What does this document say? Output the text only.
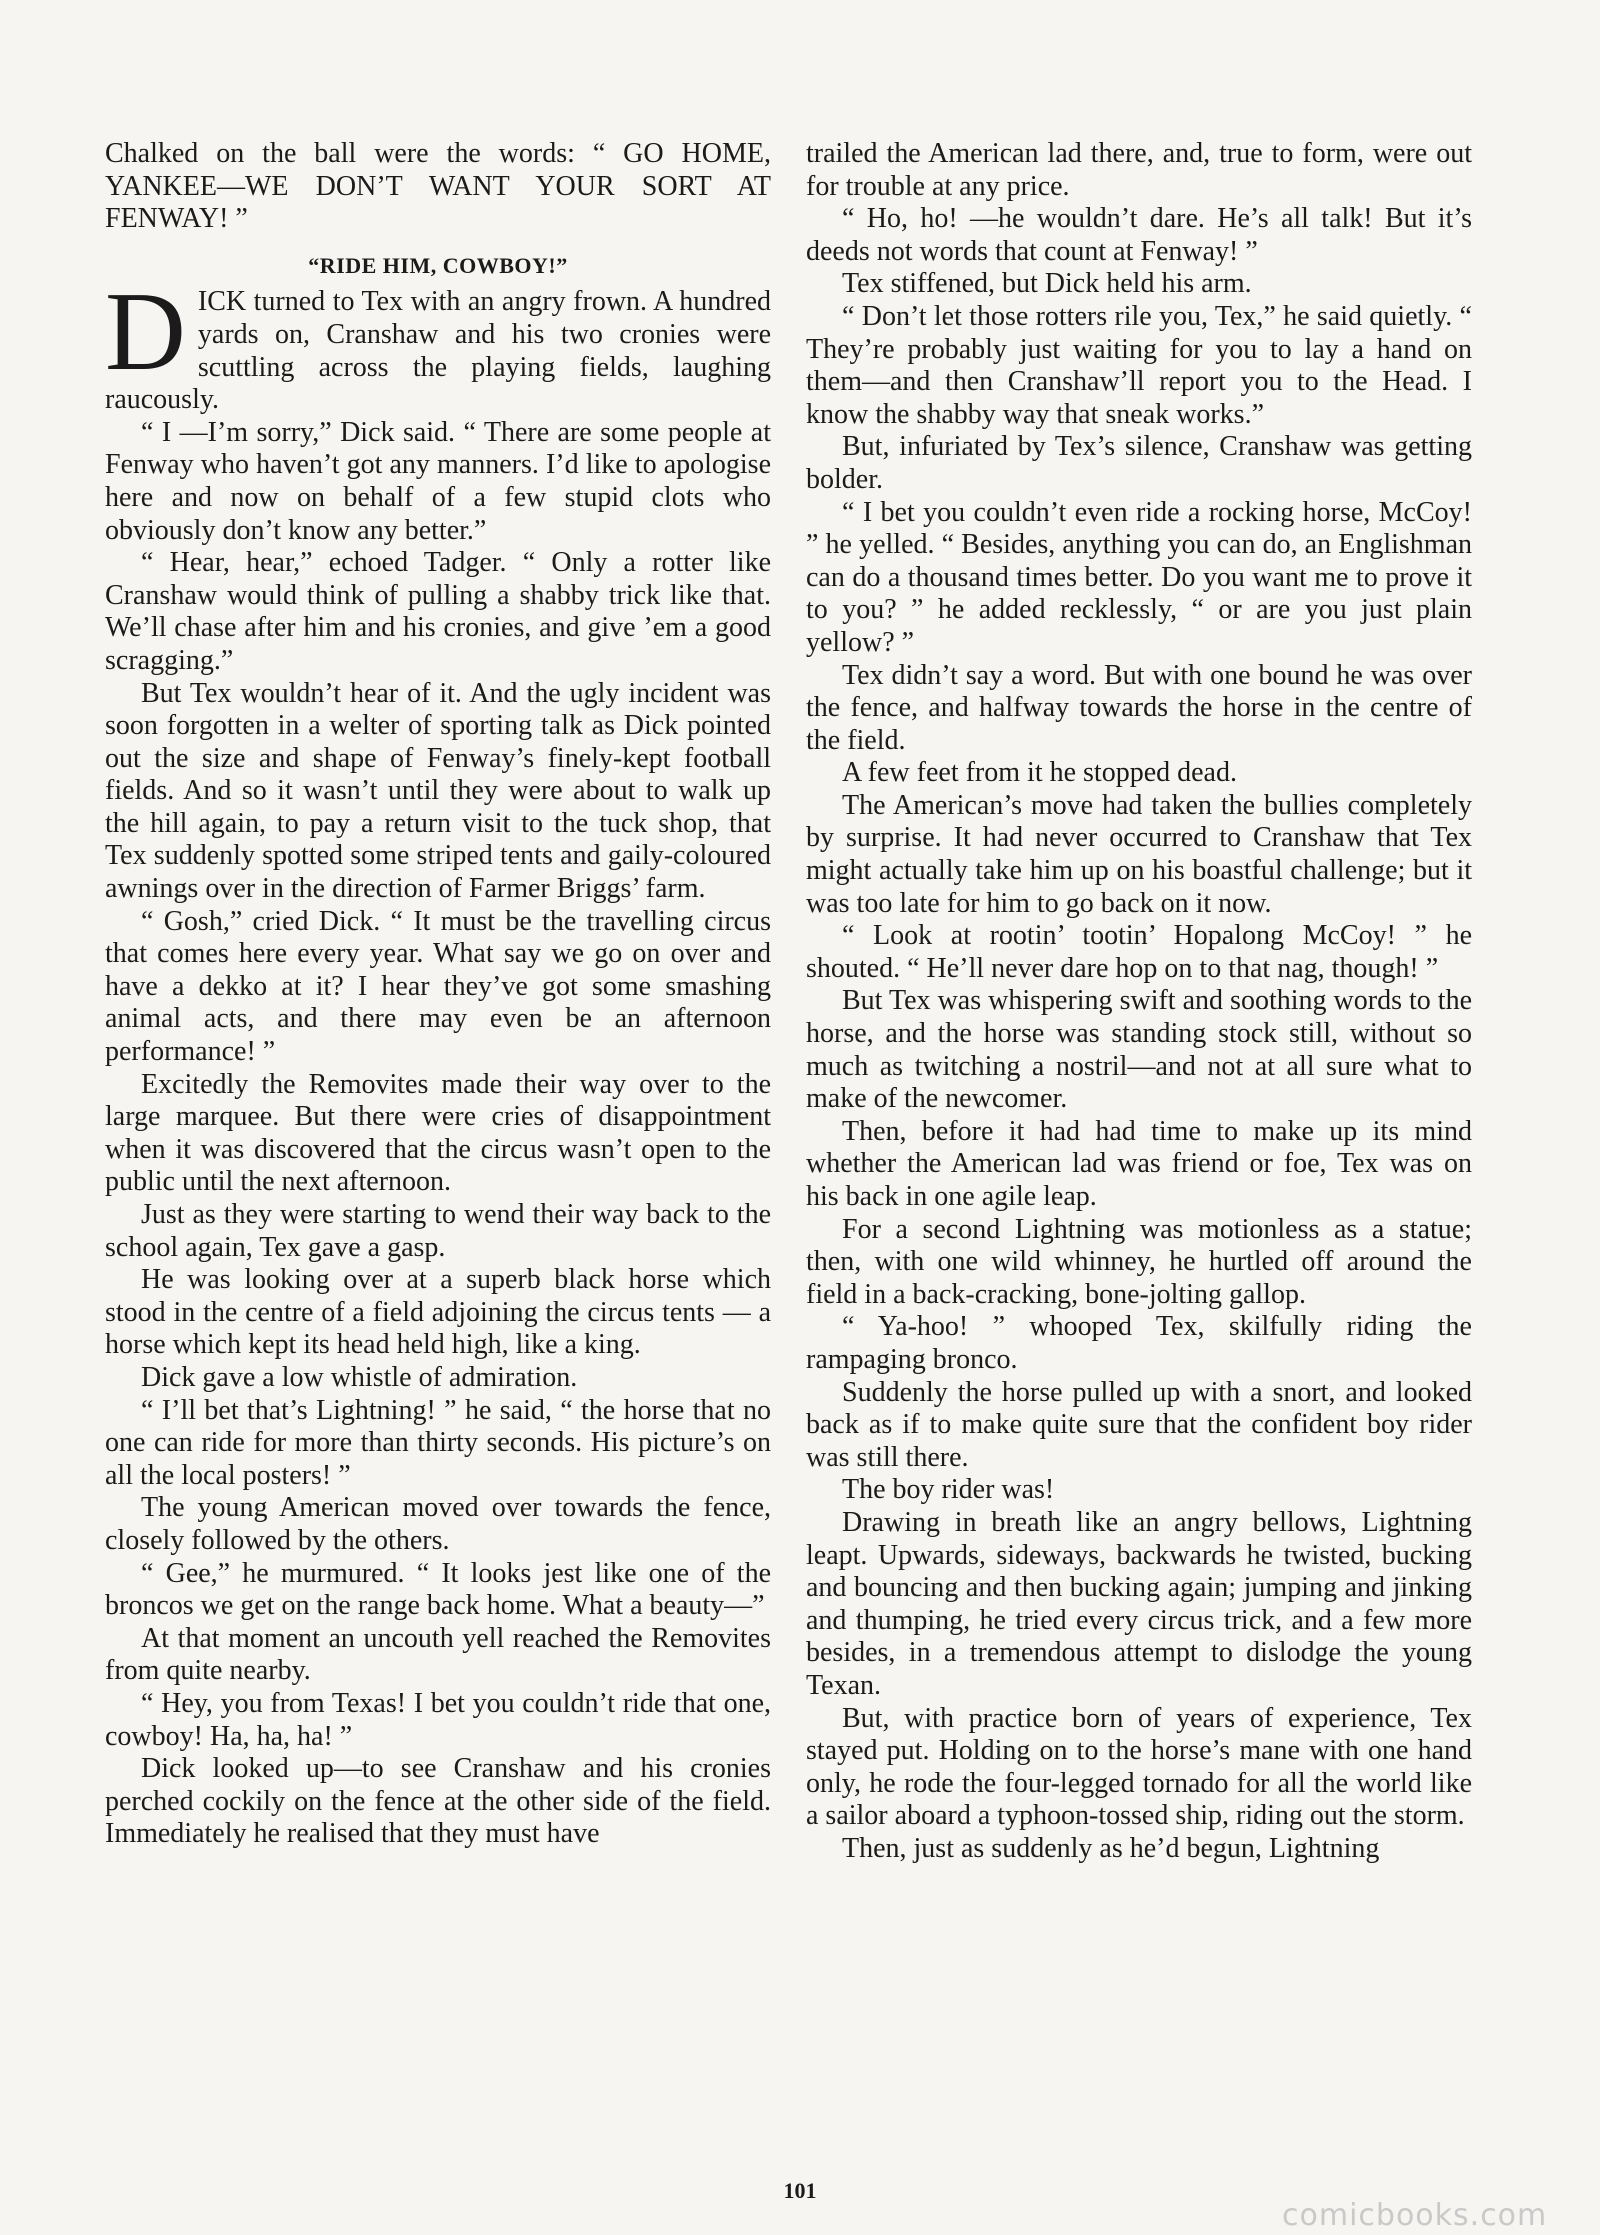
Chalked on the ball were the words: “ GO HOME, YANKEE—WE DON’T WANT YOUR SORT AT FENWAY! ”

“RIDE HIM, COWBOY!”

DICK turned to Tex with an angry frown. A hundred yards on, Cranshaw and his two cronies were scuttling across the playing fields, laughing raucously.

“ I —I’m sorry,” Dick said. “ There are some people at Fenway who haven’t got any manners. I’d like to apologise here and now on behalf of a few stupid clots who obviously don’t know any better.”

“ Hear, hear,” echoed Tadger. “ Only a rotter like Cranshaw would think of pulling a shabby trick like that. We’ll chase after him and his cronies, and give ’em a good scragging.”

But Tex wouldn’t hear of it. And the ugly incident was soon forgotten in a welter of sporting talk as Dick pointed out the size and shape of Fenway’s finely-kept football fields. And so it wasn’t until they were about to walk up the hill again, to pay a return visit to the tuck shop, that Tex suddenly spotted some striped tents and gaily-coloured awnings over in the direction of Farmer Briggs’ farm.

“ Gosh,” cried Dick. “ It must be the travelling circus that comes here every year. What say we go on over and have a dekko at it? I hear they’ve got some smashing animal acts, and there may even be an afternoon performance! ”

Excitedly the Removites made their way over to the large marquee. But there were cries of disappointment when it was discovered that the circus wasn’t open to the public until the next afternoon.

Just as they were starting to wend their way back to the school again, Tex gave a gasp.

He was looking over at a superb black horse which stood in the centre of a field adjoining the circus tents — a horse which kept its head held high, like a king.

Dick gave a low whistle of admiration.

“ I’ll bet that’s Lightning! ” he said, “ the horse that no one can ride for more than thirty seconds. His picture’s on all the local posters! ”

The young American moved over towards the fence, closely followed by the others.

“ Gee,” he murmured. “ It looks jest like one of the broncos we get on the range back home. What a beauty—”

At that moment an uncouth yell reached the Removites from quite nearby.

“ Hey, you from Texas! I bet you couldn’t ride that one, cowboy! Ha, ha, ha! ”

Dick looked up—to see Cranshaw and his cronies perched cockily on the fence at the other side of the field. Immediately he realised that they must have

trailed the American lad there, and, true to form, were out for trouble at any price.

“ Ho, ho! —he wouldn’t dare. He’s all talk! But it’s deeds not words that count at Fenway! ”

Tex stiffened, but Dick held his arm.

“ Don’t let those rotters rile you, Tex,” he said quietly. “ They’re probably just waiting for you to lay a hand on them—and then Cranshaw’ll report you to the Head. I know the shabby way that sneak works.”

But, infuriated by Tex’s silence, Cranshaw was getting bolder.

“ I bet you couldn’t even ride a rocking horse, McCoy! ” he yelled. “ Besides, anything you can do, an Englishman can do a thousand times better. Do you want me to prove it to you? ” he added recklessly, “ or are you just plain yellow? ”

Tex didn’t say a word. But with one bound he was over the fence, and halfway towards the horse in the centre of the field.

A few feet from it he stopped dead.

The American’s move had taken the bullies completely by surprise. It had never occurred to Cranshaw that Tex might actually take him up on his boastful challenge; but it was too late for him to go back on it now.

“ Look at rootin’ tootin’ Hopalong McCoy! ” he shouted. “ He’ll never dare hop on to that nag, though! ”

But Tex was whispering swift and soothing words to the horse, and the horse was standing stock still, without so much as twitching a nostril—and not at all sure what to make of the newcomer.

Then, before it had had time to make up its mind whether the American lad was friend or foe, Tex was on his back in one agile leap.

For a second Lightning was motionless as a statue; then, with one wild whinney, he hurtled off around the field in a back-cracking, bone-jolting gallop.

“ Ya-hoo! ” whooped Tex, skilfully riding the rampaging bronco.

Suddenly the horse pulled up with a snort, and looked back as if to make quite sure that the confident boy rider was still there.

The boy rider was!

Drawing in breath like an angry bellows, Lightning leapt. Upwards, sideways, backwards he twisted, bucking and bouncing and then bucking again; jumping and jinking and thumping, he tried every circus trick, and a few more besides, in a tremendous attempt to dislodge the young Texan.

But, with practice born of years of experience, Tex stayed put. Holding on to the horse’s mane with one hand only, he rode the four-legged tornado for all the world like a sailor aboard a typhoon-tossed ship, riding out the storm.

Then, just as suddenly as he’d begun, Lightning

101
comicbooks.com
